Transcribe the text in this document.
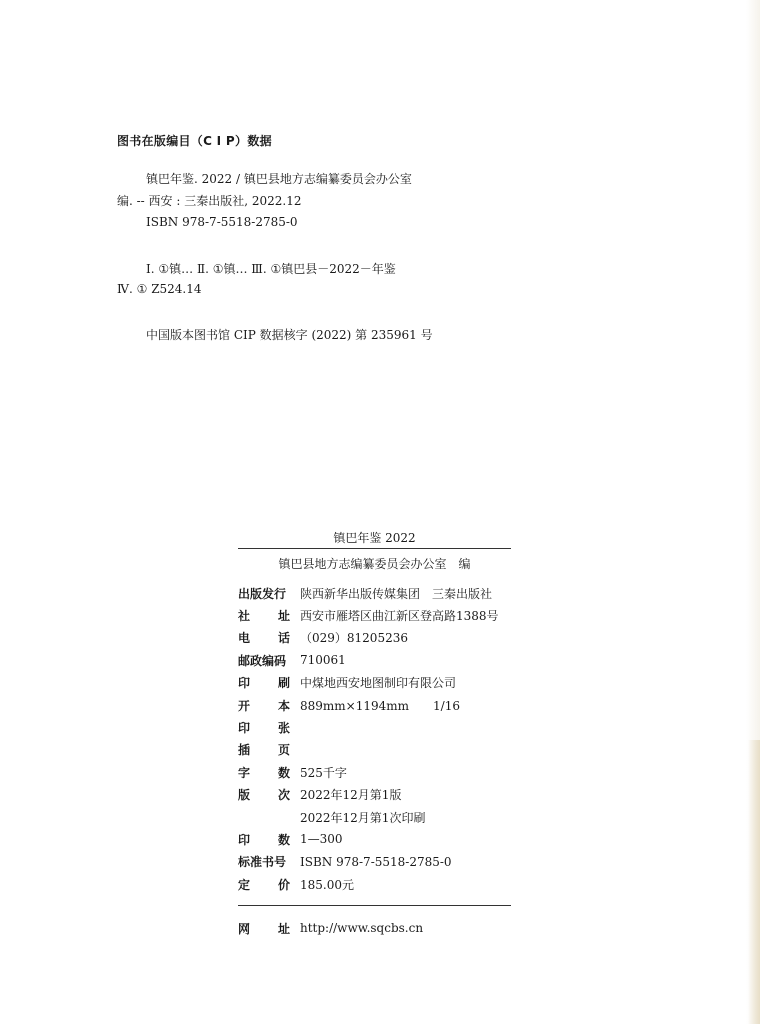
图书在版编目（C I P）数据
镇巴年鉴. 2022 / 镇巴县地方志编纂委员会办公室
编. -- 西安 : 三秦出版社, 2022.12
ISBN 978-7-5518-2785-0
Ⅰ. ①镇… Ⅱ. ①镇… Ⅲ. ①镇巴县－2022－年鉴
Ⅳ. ① Z524.14
中国版本图书馆 CIP 数据核字 (2022) 第 235961 号
镇巴年鉴 2022
镇巴县地方志编纂委员会办公室　编
出版发行 陕西新华出版传媒集团　三秦出版社
社 址 西安市雁塔区曲江新区登高路1388号
电 话 （029）81205236
邮政编码 710061
印 刷 中煤地西安地图制印有限公司
开 本 889mm×1194mm　　1/16
印 张
插 页
字 数 525千字
版 次 2022年12月第1版
2022年12月第1次印刷
印 数 1—300
标准书号 ISBN 978-7-5518-2785-0
定 价 185.00元
网 址 http://www.sqcbs.cn
